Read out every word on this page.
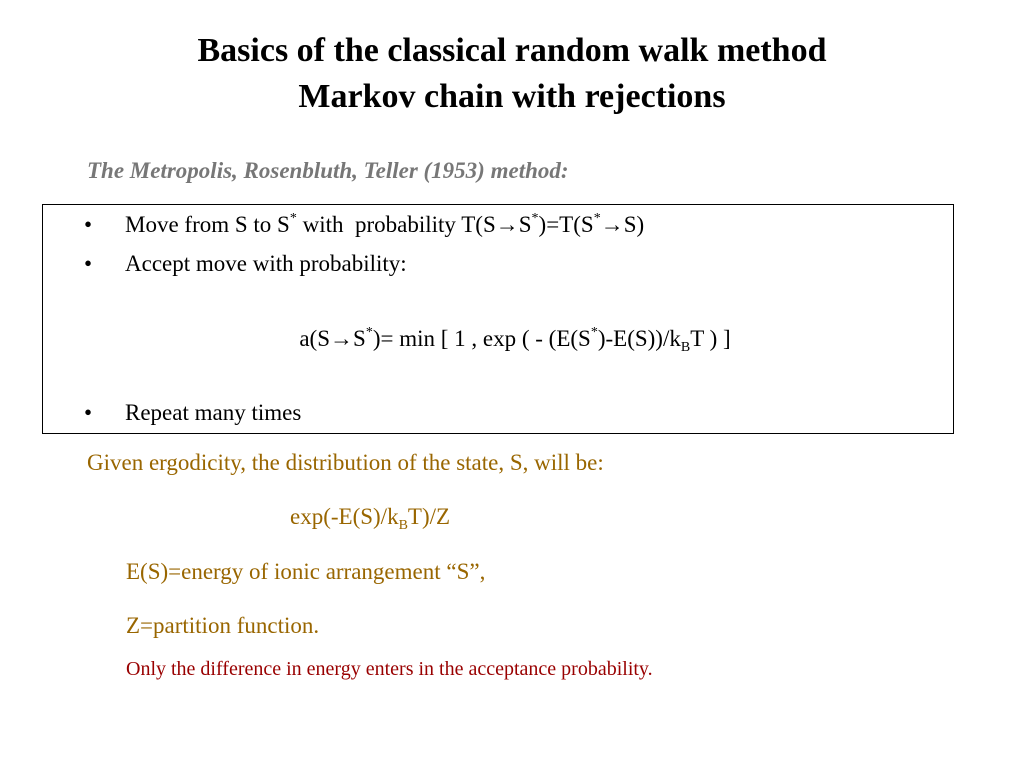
Basics of the classical random walk method
Markov chain with rejections
The Metropolis, Rosenbluth, Teller (1953) method:
• Move from S to S* with  probability T(S→S*)=T(S*→S)
• Accept move with probability:
a(S→S*)= min [ 1 , exp ( - $(E(S^*)-E(S))/k_BT$ ) ]
• Repeat many times
Given ergodicity, the distribution of the state, S, will be:
$\exp(-E(S)/k_BT)/Z$
E(S)=energy of ionic arrangement “S”,
Z=partition function.
Only the difference in energy enters in the acceptance probability.
